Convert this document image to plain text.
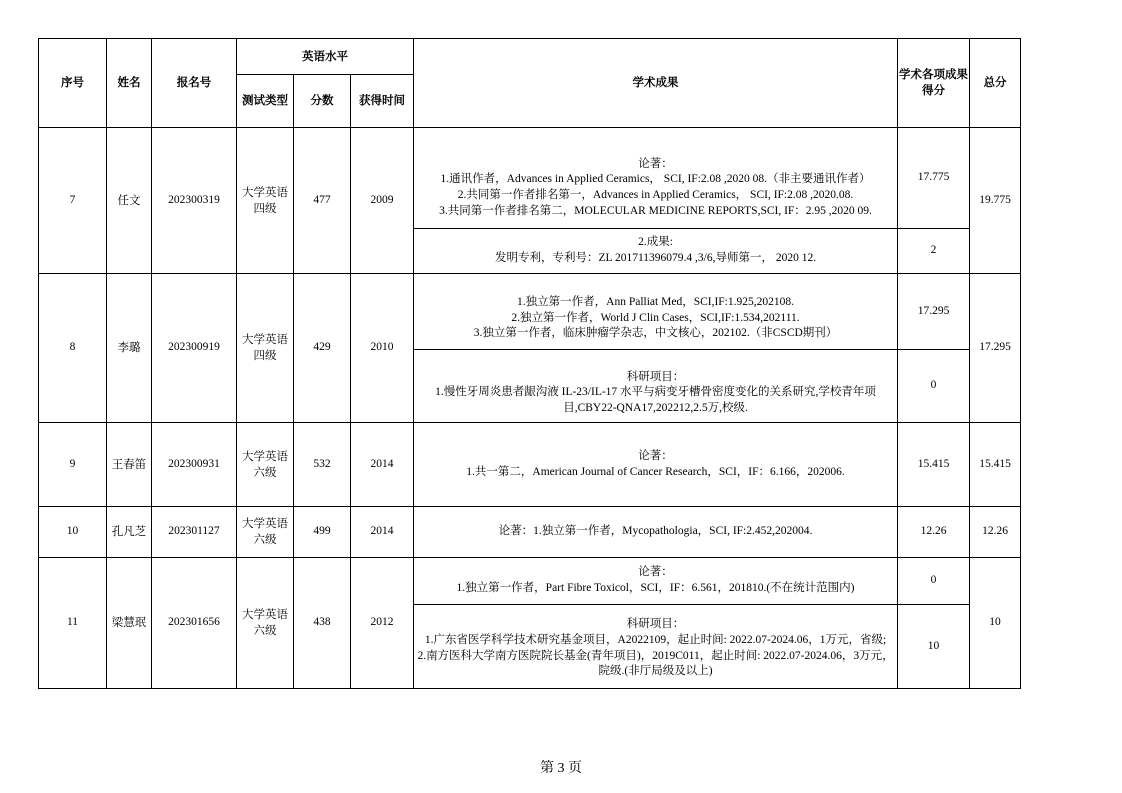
序号	姓名	报名号	英语水平			学术成果	学术各项成果得分	总分
			测试类型	分数	获得时间			
7	任文	202300319	大学英语四级	477	2009	论著：
1.通讯作者，Advances in Applied Ceramics， SCI, IF:2.08 ,2020 08.（非主要通讯作者）
2.共同第一作者排名第一，Advances in Applied Ceramics， SCI, IF:2.08 ,2020.08.
3.共同第一作者排名第二，MOLECULAR MEDICINE REPORTS,SCI, IF：2.95 ,2020 09.	17.775	19.775

						2.成果:
发明专利，专利号：ZL 201711396079.4 ,3/6,导师第一， 2020 12.	2	
8	李璐	202300919	大学英语四级	429	2010	1.独立第一作者，Ann Palliat Med，SCI,IF:1.925,202108.
2.独立第一作者，World J Clin Cases，SCI,IF:1.534,202111.
3.独立第一作者，临床肿瘤学杂志，中文核心，202102.（非CSCD期刊）	17.295	17.295

						科研项目：
1.慢性牙周炎患者龈沟液 IL-23/IL-17 水平与病变牙槽骨密度变化的关系研究,学校青年项目,CBY22-QNA17,202212,2.5万,校级.	0	
9	王春笛	202300931	大学英语六级	532	2014	论著：
1.共一第二，American Journal of Cancer Research，SCI，IF：6.166，202006.	15.415	15.415
10	孔凡芝	202301127	大学英语六级	499	2014	论著：1.独立第一作者，Mycopathologia，SCI, IF:2.452,202004.	12.26	12.26
11	梁慧珉	202301656	大学英语六级	438	2012	论著：
1.独立第一作者，Part Fibre Toxicol，SCI，IF：6.561，201810.(不在统计范围内)	0	10

						科研项目：
1.广东省医学科学技术研究基金项目，A2022109，起止时间: 2022.07-2024.06，1万元，省级;
2.南方医科大学南方医院院长基金(青年项目)，2019C011，起止时间: 2022.07-2024.06，3万元，院级.(非厅局级及以上)	10	
第 3 页
